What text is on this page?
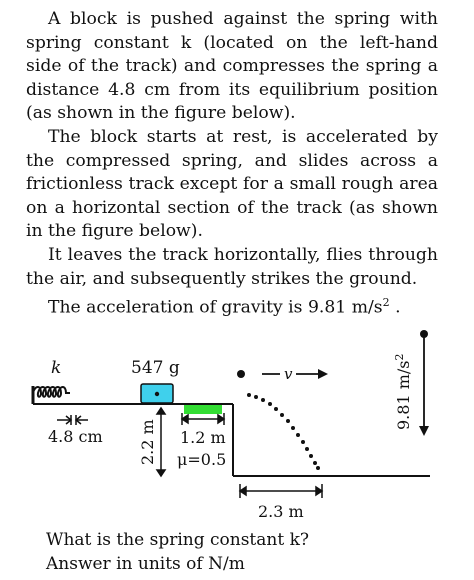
A block is pushed against the spring with spring constant k (located on the left-hand side of the track) and compresses the spring a distance 4.8 cm from its equilibrium position (as shown in the figure below).

The block starts at rest, is accelerated by the compressed spring, and slides across a frictionless track except for a small rough area on a horizontal section of the track (as shown in the figure below).

It leaves the track horizontally, flies through the air, and subsequently strikes the ground.

The acceleration of gravity is 9.81 $m/s^2$ .

k
4.8 cm
547 g
2.2 m 1.2 m
μ=0.5
v	9.81 $m/s^2$
2.3 m
What is the spring constant k?
Answer in units of N/m
